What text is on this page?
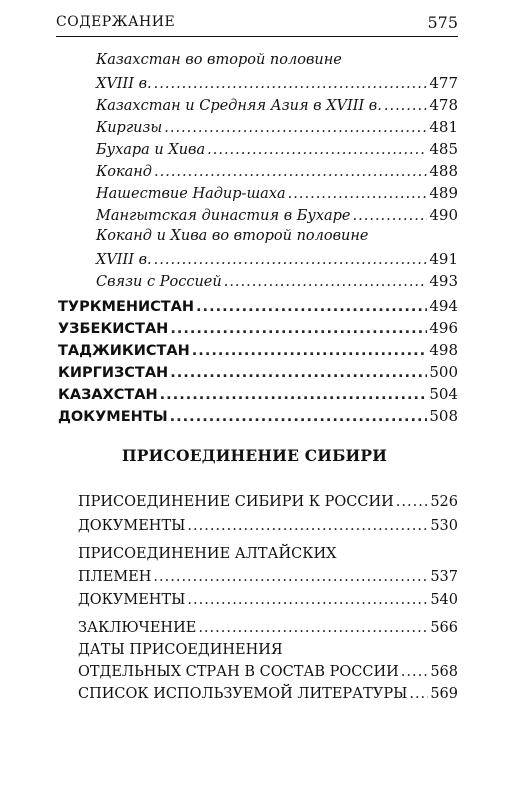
СОДЕРЖАНИЕ	575
Казахстан во второй половине
XVIII в. .....	477
Казахстан и Средняя Азия в XVIII в. .....	478
Киргизы .....	481
Бухара и Хива .....	485
Коканд .....	488
Нашествие Надир-шаха .....	489
Мангытская династия в Бухаре .....	490
Коканд и Хива во второй половине
XVIII в. .....	491
Связи с Россией .....	493
ТУРКМЕНИСТАН .....	494
УЗБЕКИСТАН .....	496
ТАДЖИКИСТАН .....	498
КИРГИЗСТАН .....	500
КАЗАХСТАН .....	504
ДОКУМЕНТЫ .....	508
ПРИСОЕДИНЕНИЕ СИБИРИ
ПРИСОЕДИНЕНИЕ СИБИРИ К РОССИИ .....	526
ДОКУМЕНТЫ .....	530
ПРИСОЕДИНЕНИЕ АЛТАЙСКИХ
ПЛЕМЕН .....	537
ДОКУМЕНТЫ .....	540
ЗАКЛЮЧЕНИЕ .....	566
ДАТЫ ПРИСОЕДИНЕНИЯ
ОТДЕЛЬНЫХ СТРАН В СОСТАВ РОССИИ ..... 568
СПИСОК ИСПОЛЬЗУЕМОЙ ЛИТЕРАТУРЫ ..... 569
